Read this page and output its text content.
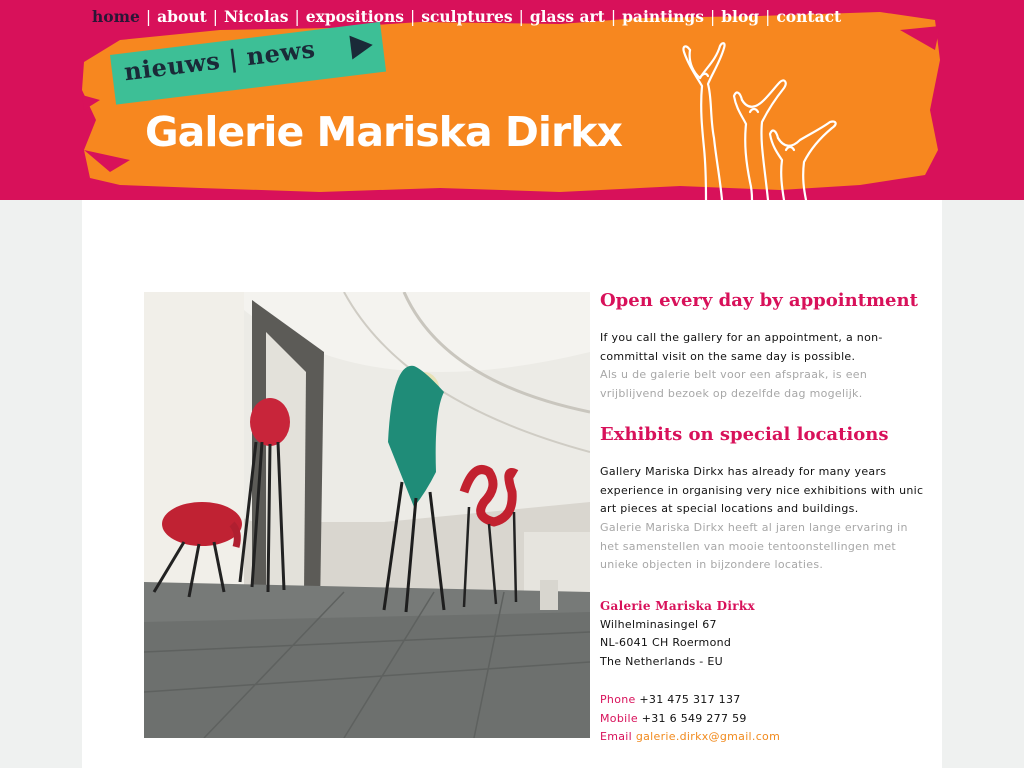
home | about | Nicolas | expositions | sculptures | glass art | paintings | blog | contact
nieuws | news
Galerie Mariska Dirkx
Open every day by appointment

If you call the gallery for an appointment, a non-committal visit on the same day is possible.

Als u de galerie belt voor een afspraak, is een vrijblijvend bezoek op dezelfde dag mogelijk.

Exhibits on special locations

Gallery Mariska Dirkx has already for many years experience in organising very nice exhibitions with unic art pieces at special locations and buildings.

Galerie Mariska Dirkx heeft al jaren lange ervaring in het samenstellen van mooie tentoonstellingen met unieke objecten in bijzondere locaties.

Galerie Mariska Dirkx
Wilhelminasingel 67
NL-6041 CH Roermond
The Netherlands - EU
Phone +31 475 317 137
Mobile +31 6 549 277 59
Email galerie.dirkx@gmail.com
